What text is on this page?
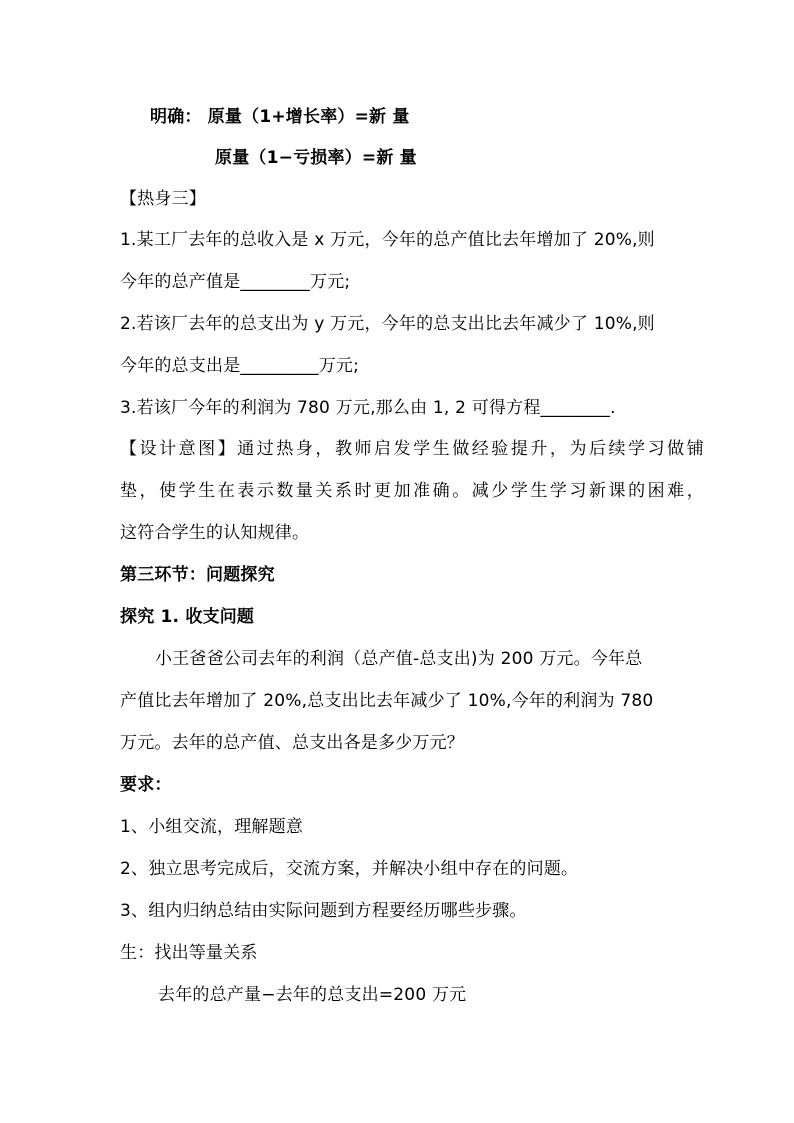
明确： 原量（1+增长率）=新 量
原量（1−亏损率）=新 量
【热身三】
1.某工厂去年的总收入是 x 万元，今年的总产值比去年增加了 20%,则
今年的总产值是________万元;
2.若该厂去年的总支出为 y 万元，今年的总支出比去年减少了 10%,则
今年的总支出是_________万元;
3.若该厂今年的利润为 780 万元,那么由 1, 2 可得方程________.
【设计意图】通过热身，教师启发学生做经验提升，为后续学习做铺
垫，使学生在表示数量关系时更加准确。减少学生学习新课的困难，
这符合学生的认知规律。
第三环节：问题探究
探究 1. 收支问题
小王爸爸公司去年的利润（总产值-总支出)为 200 万元。今年总
产值比去年增加了 20%,总支出比去年减少了 10%,今年的利润为 780
万元。去年的总产值、总支出各是多少万元？
要求：
1、小组交流，理解题意
2、独立思考完成后，交流方案，并解决小组中存在的问题。
3、组内归纳总结由实际问题到方程要经历哪些步骤。
生：找出等量关系
去年的总产量−去年的总支出=200 万元
